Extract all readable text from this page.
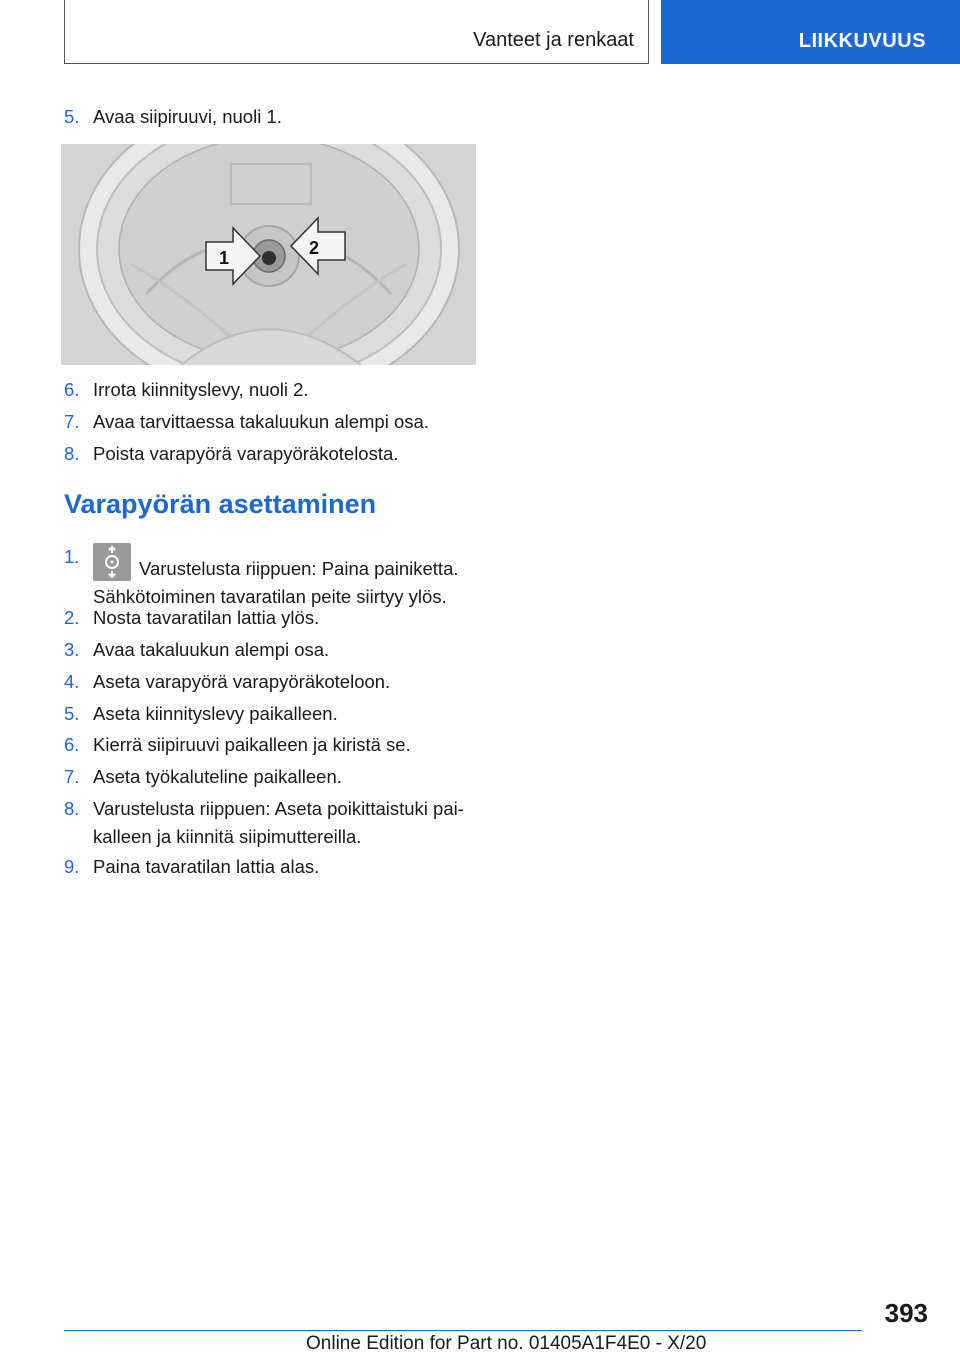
Vanteet ja renkaat	LIIKKUVUUS
5. Avaa siipiruuvi, nuoli 1.
1	2
6. Irrota kiinnityslevy, nuoli 2.
7. Avaa tarvittaessa takaluukun alempi osa.
8. Poista varapyörä varapyöräkotelosta.
Varapyörän asettaminen
1.
Varustelusta riippuen: Paina painiketta.
Sähkötoiminen tavaratilan peite siirtyy ylös.
2. Nosta tavaratilan lattia ylös.
3. Avaa takaluukun alempi osa.
4. Aseta varapyörä varapyöräkoteloon.
5. Aseta kiinnityslevy paikalleen.
6. Kierrä siipiruuvi paikalleen ja kiristä se.
7. Aseta työkaluteline paikalleen.
8. Varustelusta riippuen: Aseta poikittaistuki pai-
kalleen ja kiinnitä siipimuttereilla.
9. Paina tavaratilan lattia alas.
393
Online Edition for Part no. 01405A1F4E0 - X/20
